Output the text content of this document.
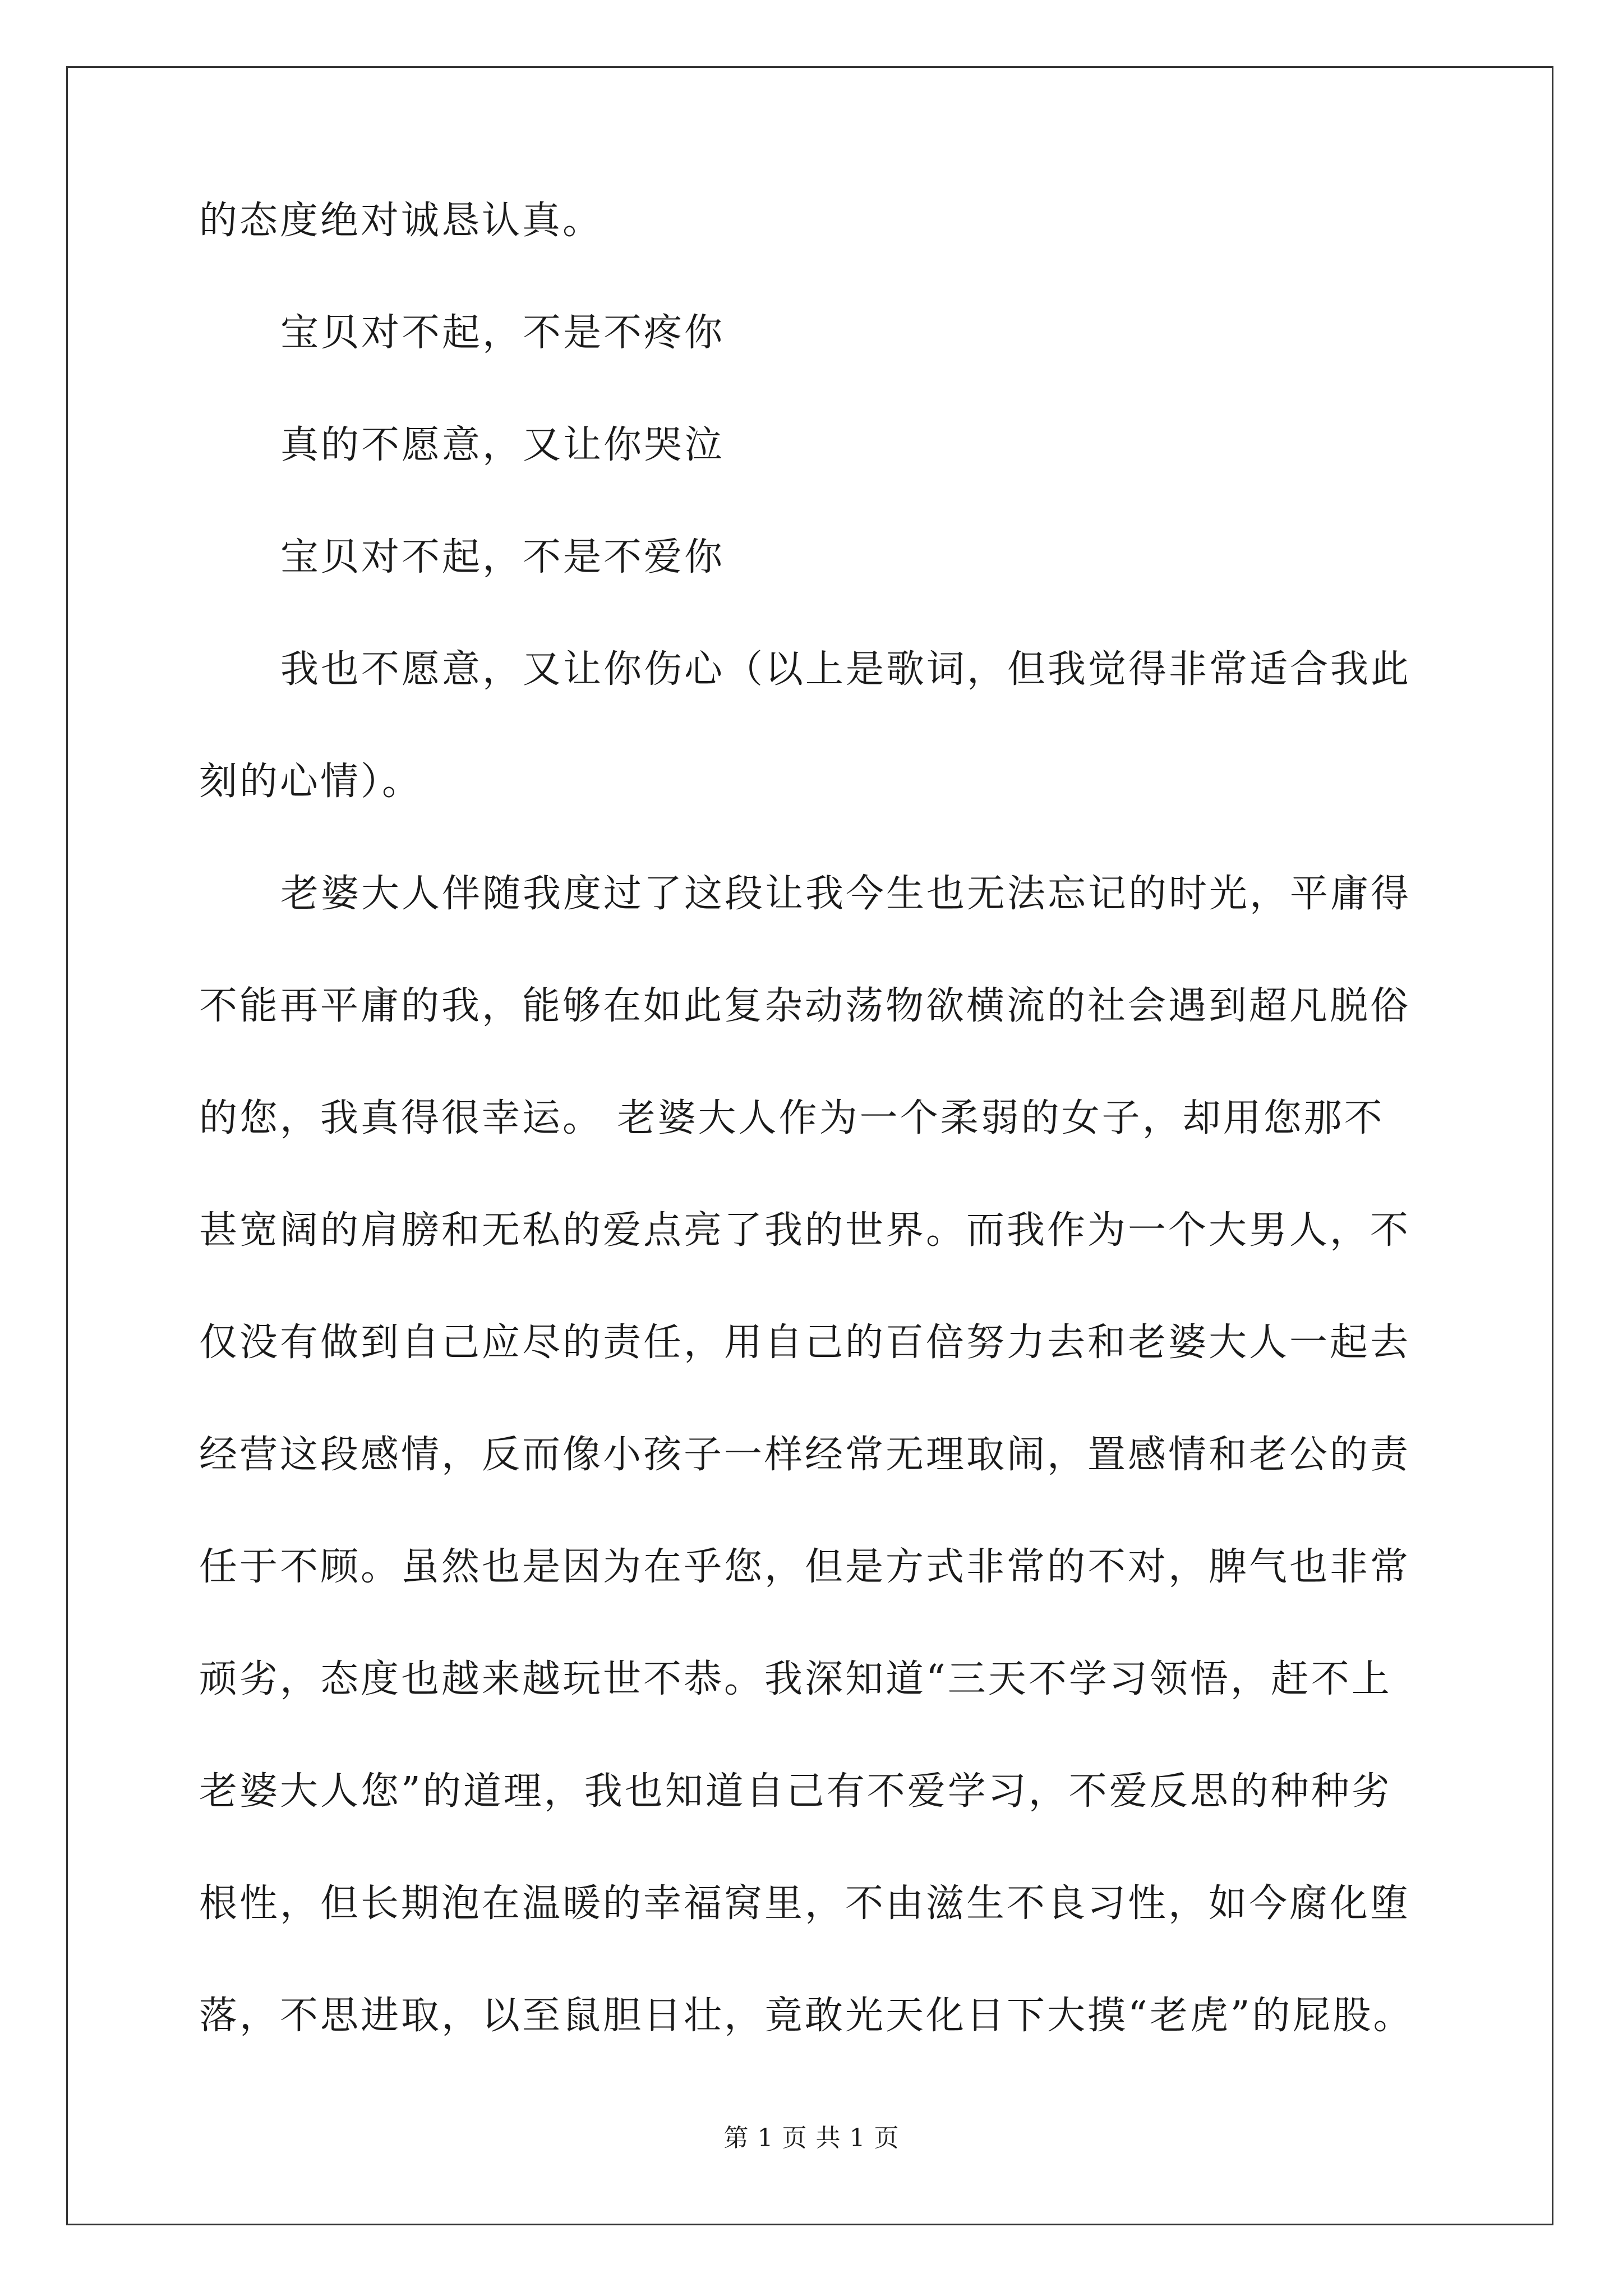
的态度绝对诚恳认真。
宝贝对不起，不是不疼你
真的不愿意，又让你哭泣
宝贝对不起，不是不爱你
我也不愿意，又让你伤心（以上是歌词，但我觉得非常适合我此
刻的心情）。
老婆大人伴随我度过了这段让我今生也无法忘记的时光，平庸得
不能再平庸的我，能够在如此复杂动荡物欲横流的社会遇到超凡脱俗
的您，我真得很幸运。 老婆大人作为一个柔弱的女子，却用您那不
甚宽阔的肩膀和无私的爱点亮了我的世界。而我作为一个大男人，不
仅没有做到自己应尽的责任，用自己的百倍努力去和老婆大人一起去
经营这段感情，反而像小孩子一样经常无理取闹，置感情和老公的责
任于不顾。虽然也是因为在乎您，但是方式非常的不对，脾气也非常
顽劣，态度也越来越玩世不恭。我深知道“三天不学习领悟，赶不上
老婆大人您”的道理，我也知道自己有不爱学习，不爱反思的种种劣
根性，但长期泡在温暖的幸福窝里，不由滋生不良习性，如今腐化堕
落，不思进取，以至鼠胆日壮，竟敢光天化日下大摸“老虎”的屁股。
第 1 页 共 1 页
